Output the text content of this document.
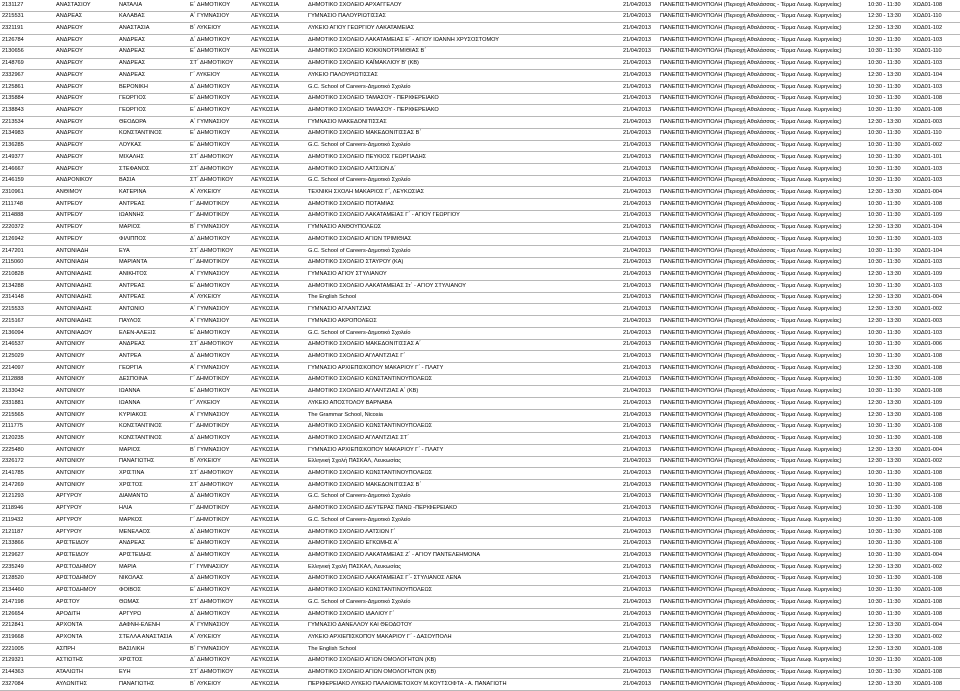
2131127	ΑΝΑΣΤΑΣΙΟΥ	ΝΑΤΑΛΙΑ	Ε΄ ΔΗΜΟΤΙΚΟΥ	ΛΕΥΚΩΣΙΑ	ΔΗΜΟΤΙΚΟ ΣΧΟΛΕΙΟ ΑΡΧΑΓΓΕΛΟΥ	21/04/2013	ΠΑΝΕΠΙΣΤΗΜΙΟΥΠΟΛΗ (Περιοχή Αθαλάσσας - Τέρμα Λεωφ. Κυρηνείας)	10:30 - 11:30	ΧΩΔ01-108
2215531	ΑΝΔΡΕΑΣ	ΚΑΛΑΒΑΣ	Α΄ ΓΥΜΝΑΣΙΟΥ	ΛΕΥΚΩΣΙΑ	ΓΥΜΝΑΣΙΟ ΠΑΛΟΥΡΙΩΤΙΣΣΑΣ	21/04/2013	ΠΑΝΕΠΙΣΤΗΜΙΟΥΠΟΛΗ (Περιοχή Αθαλάσσας - Τέρμα Λεωφ. Κυρηνείας)	12:30 - 13:30	ΧΩΔ01-110
2321191	ΑΝΔΡΕΟΥ	ΑΝΑΣΤΑΣΙΑ	Β΄ ΛΥΚΕΙΟΥ	ΛΕΥΚΩΣΙΑ	ΛΥΚΕΙΟ ΑΓΙΟΥ ΓΕΩΡΓΙΟΥ ΛΑΚΑΤΑΜΕΙΑΣ	21/04/2013	ΠΑΝΕΠΙΣΤΗΜΙΟΥΠΟΛΗ (Περιοχή Αθαλάσσας - Τέρμα Λεωφ. Κυρηνείας)	12:30 - 13:30	ΧΩΔ01-102
2126784	ΑΝΔΡΕΟΥ	ΑΝΔΡΕΑΣ	Δ΄ ΔΗΜΟΤΙΚΟΥ	ΛΕΥΚΩΣΙΑ	ΔΗΜΟΤΙΚΟ ΣΧΟΛΕΙΟ ΛΑΚΑΤΑΜΕΙΑΣ Ε΄ - ΑΓΙΟΥ ΙΩΑΝΝΗ ΧΡΥΣΟΣΤΟΜΟΥ	21/04/2013	ΠΑΝΕΠΙΣΤΗΜΙΟΥΠΟΛΗ (Περιοχή Αθαλάσσας - Τέρμα Λεωφ. Κυρηνείας)	10:30 - 11:30	ΧΩΔ01-103
2130656	ΑΝΔΡΕΟΥ	ΑΝΔΡΕΑΣ	Ε΄ ΔΗΜΟΤΙΚΟΥ	ΛΕΥΚΩΣΙΑ	ΔΗΜΟΤΙΚΟ ΣΧΟΛΕΙΟ ΚΟΚΚΙΝΟΤΡΙΜΙΘΙΑΣ Β΄	21/04/2013	ΠΑΝΕΠΙΣΤΗΜΙΟΥΠΟΛΗ (Περιοχή Αθαλάσσας - Τέρμα Λεωφ. Κυρηνείας)	10:30 - 11:30	ΧΩΔ01-110
2148769	ΑΝΔΡΕΟΥ	ΑΝΔΡΕΑΣ	ΣΤ΄ ΔΗΜΟΤΙΚΟΥ	ΛΕΥΚΩΣΙΑ	ΔΗΜΟΤΙΚΟ ΣΧΟΛΕΙΟ ΚΑΪΜΑΚΛΙΟΥ Β' (ΚΒ)	21/04/2013	ΠΑΝΕΠΙΣΤΗΜΙΟΥΠΟΛΗ (Περιοχή Αθαλάσσας - Τέρμα Λεωφ. Κυρηνείας)	10:30 - 11:30	ΧΩΔ01-103
2332967	ΑΝΔΡΕΟΥ	ΑΝΔΡΕΑΣ	Γ΄ ΛΥΚΕΙΟΥ	ΛΕΥΚΩΣΙΑ	ΛΥΚΕΙΟ ΠΑΛΟΥΡΙΩΤΙΣΣΑΣ	21/04/2013	ΠΑΝΕΠΙΣΤΗΜΙΟΥΠΟΛΗ (Περιοχή Αθαλάσσας - Τέρμα Λεωφ. Κυρηνείας)	12:30 - 13:30	ΧΩΔ01-104
2125861	ΑΝΔΡΕΟΥ	ΒΕΡΟΝΙΚΗ	Δ΄ ΔΗΜΟΤΙΚΟΥ	ΛΕΥΚΩΣΙΑ	G.C. School of Careers-Δημοτικό Σχολείο	21/04/2013	ΠΑΝΕΠΙΣΤΗΜΙΟΥΠΟΛΗ (Περιοχή Αθαλάσσας - Τέρμα Λεωφ. Κυρηνείας)	10:30 - 11:30	ΧΩΔ01-103
2135884	ΑΝΔΡΕΟΥ	ΓΕΩΡΓΙΟΣ	Ε΄ ΔΗΜΟΤΙΚΟΥ	ΛΕΥΚΩΣΙΑ	ΔΗΜΟΤΙΚΟ ΣΧΟΛΕΙΟ ΤΑΜΑΣΟΥ - ΠΕΡΙΦΕΡΕΙΑΚΟ	21/04/2013	ΠΑΝΕΠΙΣΤΗΜΙΟΥΠΟΛΗ (Περιοχή Αθαλάσσας - Τέρμα Λεωφ. Κυρηνείας)	10:30 - 11:30	ΧΩΔ01-108
2138843	ΑΝΔΡΕΟΥ	ΓΕΩΡΓΙΟΣ	Ε΄ ΔΗΜΟΤΙΚΟΥ	ΛΕΥΚΩΣΙΑ	ΔΗΜΟΤΙΚΟ ΣΧΟΛΕΙΟ ΤΑΜΑΣΟΥ - ΠΕΡΙΦΕΡΕΙΑΚΟ	21/04/2013	ΠΑΝΕΠΙΣΤΗΜΙΟΥΠΟΛΗ (Περιοχή Αθαλάσσας - Τέρμα Λεωφ. Κυρηνείας)	10:30 - 11:30	ΧΩΔ01-108
2213534	ΑΝΔΡΕΟΥ	ΘΕΟΔΩΡΑ	Α΄ ΓΥΜΝΑΣΙΟΥ	ΛΕΥΚΩΣΙΑ	ΓΥΜΝΑΣΙΟ ΜΑΚΕΔΟΝΙΤΙΣΣΑΣ	21/04/2013	ΠΑΝΕΠΙΣΤΗΜΙΟΥΠΟΛΗ (Περιοχή Αθαλάσσας - Τέρμα Λεωφ. Κυρηνείας)	12:30 - 13:30	ΧΩΔ01-003
2134983	ΑΝΔΡΕΟΥ	ΚΩΝΣΤΑΝΤΙΝΟΣ	Ε΄ ΔΗΜΟΤΙΚΟΥ	ΛΕΥΚΩΣΙΑ	ΔΗΜΟΤΙΚΟ ΣΧΟΛΕΙΟ ΜΑΚΕΔΟΝΙΤΙΣΣΑΣ Β΄	21/04/2013	ΠΑΝΕΠΙΣΤΗΜΙΟΥΠΟΛΗ (Περιοχή Αθαλάσσας - Τέρμα Λεωφ. Κυρηνείας)	10:30 - 11:30	ΧΩΔ01-110
2136285	ΑΝΔΡΕΟΥ	ΛΟΥΚΑΣ	Ε΄ ΔΗΜΟΤΙΚΟΥ	ΛΕΥΚΩΣΙΑ	G.C. School of Careers-Δημοτικό Σχολείο	21/04/2013	ΠΑΝΕΠΙΣΤΗΜΙΟΥΠΟΛΗ (Περιοχή Αθαλάσσας - Τέρμα Λεωφ. Κυρηνείας)	10:30 - 11:30	ΧΩΔ01-002
2149377	ΑΝΔΡΕΟΥ	ΜΙΧΑΛΗΣ	ΣΤ΄ ΔΗΜΟΤΙΚΟΥ	ΛΕΥΚΩΣΙΑ	ΔΗΜΟΤΙΚΟ ΣΧΟΛΕΙΟ ΠΕΥΚΙΟΣ ΓΕΩΡΓΙΑΔΗΣ	21/04/2013	ΠΑΝΕΠΙΣΤΗΜΙΟΥΠΟΛΗ (Περιοχή Αθαλάσσας - Τέρμα Λεωφ. Κυρηνείας)	10:30 - 11:30	ΧΩΔ01-101
2146667	ΑΝΔΡΕΟΥ	ΣΤΕΦΑΝΟΣ	ΣΤ΄ ΔΗΜΟΤΙΚΟΥ	ΛΕΥΚΩΣΙΑ	ΔΗΜΟΤΙΚΟ ΣΧΟΛΕΙΟ ΛΑΤΣΙΩΝ Δ΄	21/04/2013	ΠΑΝΕΠΙΣΤΗΜΙΟΥΠΟΛΗ (Περιοχή Αθαλάσσας - Τέρμα Λεωφ. Κυρηνείας)	10:30 - 11:30	ΧΩΔ01-103
2146159	ΑΝΔΡΟΝΙΚΟΥ	ΒΑΣΙΑ	ΣΤ΄ ΔΗΜΟΤΙΚΟΥ	ΛΕΥΚΩΣΙΑ	G.C. School of Careers-Δημοτικό Σχολείο	21/04/2013	ΠΑΝΕΠΙΣΤΗΜΙΟΥΠΟΛΗ (Περιοχή Αθαλάσσας - Τέρμα Λεωφ. Κυρηνείας)	10:30 - 11:30	ΧΩΔ01-103
2310961	ΑΝΘΙΜΟΥ	ΚΑΤΕΡΙΝΑ	Α΄ ΛΥΚΕΙΟΥ	ΛΕΥΚΩΣΙΑ	ΤΕΧΝΙΚΗ ΣΧΟΛΗ ΜΑΚΑΡΙΟΣ Γ΄, ΛΕΥΚΩΣΙΑΣ	21/04/2013	ΠΑΝΕΠΙΣΤΗΜΙΟΥΠΟΛΗ (Περιοχή Αθαλάσσας - Τέρμα Λεωφ. Κυρηνείας)	12:30 - 13:30	ΧΩΔ01-004
2111748	ΑΝΤΡΕΟΥ	ΑΝΤΡΕΑΣ	Γ΄ ΔΗΜΟΤΙΚΟΥ	ΛΕΥΚΩΣΙΑ	ΔΗΜΟΤΙΚΟ ΣΧΟΛΕΙΟ ΠΟΤΑΜΙΑΣ	21/04/2013	ΠΑΝΕΠΙΣΤΗΜΙΟΥΠΟΛΗ (Περιοχή Αθαλάσσας - Τέρμα Λεωφ. Κυρηνείας)	10:30 - 11:30	ΧΩΔ01-108
2114888	ΑΝΤΡΕΟΥ	ΙΩΑΝΝΗΣ	Γ΄ ΔΗΜΟΤΙΚΟΥ	ΛΕΥΚΩΣΙΑ	ΔΗΜΟΤΙΚΟ ΣΧΟΛΕΙΟ ΛΑΚΑΤΑΜΕΙΑΣ Γ΄ - ΑΓΙΟΥ ΓΕΩΡΓΙΟΥ	21/04/2013	ΠΑΝΕΠΙΣΤΗΜΙΟΥΠΟΛΗ (Περιοχή Αθαλάσσας - Τέρμα Λεωφ. Κυρηνείας)	10:30 - 11:30	ΧΩΔ01-109
2220372	ΑΝΤΡΕΟΥ	ΜΑΡΙΟΣ	Β΄ ΓΥΜΝΑΣΙΟΥ	ΛΕΥΚΩΣΙΑ	ΓΥΜΝΑΣΙΟ ΑΝΘΟΥΠΟΛΕΩΣ	21/04/2013	ΠΑΝΕΠΙΣΤΗΜΙΟΥΠΟΛΗ (Περιοχή Αθαλάσσας - Τέρμα Λεωφ. Κυρηνείας)	12:30 - 13:30	ΧΩΔ01-104
2126942	ΑΝΤΡΕΟΥ	ΦΙΛΙΠΠΟΣ	Δ΄ ΔΗΜΟΤΙΚΟΥ	ΛΕΥΚΩΣΙΑ	ΔΗΜΟΤΙΚΟ ΣΧΟΛΕΙΟ ΑΓΙΩΝ ΤΡΙΜΙΘΙΑΣ	21/04/2013	ΠΑΝΕΠΙΣΤΗΜΙΟΥΠΟΛΗ (Περιοχή Αθαλάσσας - Τέρμα Λεωφ. Κυρηνείας)	10:30 - 11:30	ΧΩΔ01-103
2147201	ΑΝΤΩΝΙΑΔΗ	ΕΥΑ	ΣΤ΄ ΔΗΜΟΤΙΚΟΥ	ΛΕΥΚΩΣΙΑ	G.C. School of Careers-Δημοτικό Σχολείο	21/04/2013	ΠΑΝΕΠΙΣΤΗΜΙΟΥΠΟΛΗ (Περιοχή Αθαλάσσας - Τέρμα Λεωφ. Κυρηνείας)	10:30 - 11:30	ΧΩΔ01-104
2115060	ΑΝΤΩΝΙΑΔΗ	ΜΑΡΙΑΝΤΑ	Γ΄ ΔΗΜΟΤΙΚΟΥ	ΛΕΥΚΩΣΙΑ	ΔΗΜΟΤΙΚΟ ΣΧΟΛΕΙΟ ΣΤΑΥΡΟΥ (ΚΑ)	21/04/2013	ΠΑΝΕΠΙΣΤΗΜΙΟΥΠΟΛΗ (Περιοχή Αθαλάσσας - Τέρμα Λεωφ. Κυρηνείας)	10:30 - 11:30	ΧΩΔ01-103
2210828	ΑΝΤΩΝΙΑΔΗΣ	ΑΝΙΚΗΤΟΣ	Α΄ ΓΥΜΝΑΣΙΟΥ	ΛΕΥΚΩΣΙΑ	ΓΥΜΝΑΣΙΟ ΑΓΙΟΥ ΣΤΥΛΙΑΝΟΥ	21/04/2013	ΠΑΝΕΠΙΣΤΗΜΙΟΥΠΟΛΗ (Περιοχή Αθαλάσσας - Τέρμα Λεωφ. Κυρηνείας)	12:30 - 13:30	ΧΩΔ01-109
2134288	ΑΝΤΩΝΙΑΔΗΣ	ΑΝΤΡΕΑΣ	Ε΄ ΔΗΜΟΤΙΚΟΥ	ΛΕΥΚΩΣΙΑ	ΔΗΜΟΤΙΚΟ ΣΧΟΛΕΙΟ ΛΑΚΑΤΑΜΕΙΑΣ Στ΄ - ΑΓΙΟΥ ΣΤΥΛΙΑΝΟΥ	21/04/2013	ΠΑΝΕΠΙΣΤΗΜΙΟΥΠΟΛΗ (Περιοχή Αθαλάσσας - Τέρμα Λεωφ. Κυρηνείας)	10:30 - 11:30	ΧΩΔ01-103
2314148	ΑΝΤΩΝΙΑΔΗΣ	ΑΝΤΡΕΑΣ	Α΄ ΛΥΚΕΙΟΥ	ΛΕΥΚΩΣΙΑ	The English School	21/04/2013	ΠΑΝΕΠΙΣΤΗΜΙΟΥΠΟΛΗ (Περιοχή Αθαλάσσας - Τέρμα Λεωφ. Κυρηνείας)	12:30 - 13:30	ΧΩΔ01-004
2215533	ΑΝΤΩΝΙΑΔΗΣ	ΑΝΤΩΝΙΟ	Α΄ ΓΥΜΝΑΣΙΟΥ	ΛΕΥΚΩΣΙΑ	ΓΥΜΝΑΣΙΟ ΑΓΛΑΝΤΖΙΑΣ	21/04/2013	ΠΑΝΕΠΙΣΤΗΜΙΟΥΠΟΛΗ (Περιοχή Αθαλάσσας - Τέρμα Λεωφ. Κυρηνείας)	12:30 - 13:30	ΧΩΔ01-002
2215167	ΑΝΤΩΝΙΑΔΗΣ	ΠΑΥΛΟΣ	Α΄ ΓΥΜΝΑΣΙΟΥ	ΛΕΥΚΩΣΙΑ	ΓΥΜΝΑΣΙΟ ΑΚΡΟΠΟΛΕΩΣ	21/04/2013	ΠΑΝΕΠΙΣΤΗΜΙΟΥΠΟΛΗ (Περιοχή Αθαλάσσας - Τέρμα Λεωφ. Κυρηνείας)	12:30 - 13:30	ΧΩΔ01-003
2136094	ΑΝΤΩΝΙΑΔΟΥ	ΕΛΕΝ-ΑΛΕΞΙΣ	Ε΄ ΔΗΜΟΤΙΚΟΥ	ΛΕΥΚΩΣΙΑ	G.C. School of Careers-Δημοτικό Σχολείο	21/04/2013	ΠΑΝΕΠΙΣΤΗΜΙΟΥΠΟΛΗ (Περιοχή Αθαλάσσας - Τέρμα Λεωφ. Κυρηνείας)	10:30 - 11:30	ΧΩΔ01-103
2146537	ΑΝΤΩΝΙΟΥ	ΑΝΔΡΕΑΣ	ΣΤ΄ ΔΗΜΟΤΙΚΟΥ	ΛΕΥΚΩΣΙΑ	ΔΗΜΟΤΙΚΟ ΣΧΟΛΕΙΟ ΜΑΚΕΔΟΝΙΤΙΣΣΑΣ Α΄	21/04/2013	ΠΑΝΕΠΙΣΤΗΜΙΟΥΠΟΛΗ (Περιοχή Αθαλάσσας - Τέρμα Λεωφ. Κυρηνείας)	10:30 - 11:30	ΧΩΔ01-006
2125029	ΑΝΤΩΝΙΟΥ	ΑΝΤΡΕΑ	Δ΄ ΔΗΜΟΤΙΚΟΥ	ΛΕΥΚΩΣΙΑ	ΔΗΜΟΤΙΚΟ ΣΧΟΛΕΙΟ ΑΓΛΑΝΤΖΙΑΣ Γ΄	21/04/2013	ΠΑΝΕΠΙΣΤΗΜΙΟΥΠΟΛΗ (Περιοχή Αθαλάσσας - Τέρμα Λεωφ. Κυρηνείας)	10:30 - 11:30	ΧΩΔ01-108
2214097	ΑΝΤΩΝΙΟΥ	ΓΕΩΡΓΙΑ	Α΄ ΓΥΜΝΑΣΙΟΥ	ΛΕΥΚΩΣΙΑ	ΓΥΜΝΑΣΙΟ ΑΡΧΙΕΠΙΣΚΟΠΟΥ ΜΑΚΑΡΙΟΥ Γ΄ - ΠΛΑΤΥ	21/04/2013	ΠΑΝΕΠΙΣΤΗΜΙΟΥΠΟΛΗ (Περιοχή Αθαλάσσας - Τέρμα Λεωφ. Κυρηνείας)	12:30 - 13:30	ΧΩΔ01-108
2112888	ΑΝΤΩΝΙΟΥ	ΔΕΣΠΟΙΝΑ	Γ΄ ΔΗΜΟΤΙΚΟΥ	ΛΕΥΚΩΣΙΑ	ΔΗΜΟΤΙΚΟ ΣΧΟΛΕΙΟ ΚΩΝΣΤΑΝΤΙΝΟΥΠΟΛΕΩΣ	21/04/2013	ΠΑΝΕΠΙΣΤΗΜΙΟΥΠΟΛΗ (Περιοχή Αθαλάσσας - Τέρμα Λεωφ. Κυρηνείας)	10:30 - 11:30	ΧΩΔ01-108
2133042	ΑΝΤΩΝΙΟΥ	ΙΩΑΝΝΑ	Ε΄ ΔΗΜΟΤΙΚΟΥ	ΛΕΥΚΩΣΙΑ	ΔΗΜΟΤΙΚΟ ΣΧΟΛΕΙΟ ΑΓΛΑΝΤΖΙΑΣ Α΄ (ΚΒ)	21/04/2013	ΠΑΝΕΠΙΣΤΗΜΙΟΥΠΟΛΗ (Περιοχή Αθαλάσσας - Τέρμα Λεωφ. Κυρηνείας)	10:30 - 11:30	ΧΩΔ01-108
2331881	ΑΝΤΩΝΙΟΥ	ΙΩΑΝΝΑ	Γ΄ ΛΥΚΕΙΟΥ	ΛΕΥΚΩΣΙΑ	ΛΥΚΕΙΟ ΑΠΟΣΤΟΛΟΥ ΒΑΡΝΑΒΑ	21/04/2013	ΠΑΝΕΠΙΣΤΗΜΙΟΥΠΟΛΗ (Περιοχή Αθαλάσσας - Τέρμα Λεωφ. Κυρηνείας)	12:30 - 13:30	ΧΩΔ01-109
2215565	ΑΝΤΩΝΙΟΥ	ΚΥΡΙΑΚΟΣ	Α΄ ΓΥΜΝΑΣΙΟΥ	ΛΕΥΚΩΣΙΑ	The Grammar School, Nicosia	21/04/2013	ΠΑΝΕΠΙΣΤΗΜΙΟΥΠΟΛΗ (Περιοχή Αθαλάσσας - Τέρμα Λεωφ. Κυρηνείας)	12:30 - 13:30	ΧΩΔ01-108
2111775	ΑΝΤΩΝΙΟΥ	ΚΩΝΣΤΑΝΤΙΝΟΣ	Γ΄ ΔΗΜΟΤΙΚΟΥ	ΛΕΥΚΩΣΙΑ	ΔΗΜΟΤΙΚΟ ΣΧΟΛΕΙΟ ΚΩΝΣΤΑΝΤΙΝΟΥΠΟΛΕΩΣ	21/04/2013	ΠΑΝΕΠΙΣΤΗΜΙΟΥΠΟΛΗ (Περιοχή Αθαλάσσας - Τέρμα Λεωφ. Κυρηνείας)	10:30 - 11:30	ΧΩΔ01-108
2120235	ΑΝΤΩΝΙΟΥ	ΚΩΝΣΤΑΝΤΙΝΟΣ	Δ΄ ΔΗΜΟΤΙΚΟΥ	ΛΕΥΚΩΣΙΑ	ΔΗΜΟΤΙΚΟ ΣΧΟΛΕΙΟ ΑΓΛΑΝΤΖΙΑΣ ΣΤ΄	21/04/2013	ΠΑΝΕΠΙΣΤΗΜΙΟΥΠΟΛΗ (Περιοχή Αθαλάσσας - Τέρμα Λεωφ. Κυρηνείας)	10:30 - 11:30	ΧΩΔ01-108
2225480	ΑΝΤΩΝΙΟΥ	ΜΑΡΙΟΣ	Β΄ ΓΥΜΝΑΣΙΟΥ	ΛΕΥΚΩΣΙΑ	ΓΥΜΝΑΣΙΟ ΑΡΧΙΕΠΙΣΚΟΠΟΥ ΜΑΚΑΡΙΟΥ Γ΄ - ΠΛΑΤΥ	21/04/2013	ΠΑΝΕΠΙΣΤΗΜΙΟΥΠΟΛΗ (Περιοχή Αθαλάσσας - Τέρμα Λεωφ. Κυρηνείας)	12:30 - 13:30	ΧΩΔ01-004
2326172	ΑΝΤΩΝΙΟΥ	ΠΑΝΑΓΙΩΤΗΣ	Β΄ ΛΥΚΕΙΟΥ	ΛΕΥΚΩΣΙΑ	Ελληνική Σχολή ΠΑΣΚΑΛ, Λευκωσίας	21/04/2013	ΠΑΝΕΠΙΣΤΗΜΙΟΥΠΟΛΗ (Περιοχή Αθαλάσσας - Τέρμα Λεωφ. Κυρηνείας)	12:30 - 13:30	ΧΩΔ01-002
2141785	ΑΝΤΩΝΙΟΥ	ΧΡΙΣΤΙΝΑ	ΣΤ΄ ΔΗΜΟΤΙΚΟΥ	ΛΕΥΚΩΣΙΑ	ΔΗΜΟΤΙΚΟ ΣΧΟΛΕΙΟ ΚΩΝΣΤΑΝΤΙΝΟΥΠΟΛΕΩΣ	21/04/2013	ΠΑΝΕΠΙΣΤΗΜΙΟΥΠΟΛΗ (Περιοχή Αθαλάσσας - Τέρμα Λεωφ. Κυρηνείας)	10:30 - 11:30	ΧΩΔ01-108
2147269	ΑΝΤΩΝΙΟΥ	ΧΡΙΣΤΟΣ	ΣΤ΄ ΔΗΜΟΤΙΚΟΥ	ΛΕΥΚΩΣΙΑ	ΔΗΜΟΤΙΚΟ ΣΧΟΛΕΙΟ ΜΑΚΕΔΟΝΙΤΙΣΣΑΣ Β΄	21/04/2013	ΠΑΝΕΠΙΣΤΗΜΙΟΥΠΟΛΗ (Περιοχή Αθαλάσσας - Τέρμα Λεωφ. Κυρηνείας)	10:30 - 11:30	ΧΩΔ01-108
2121293	ΑΡΓΥΡΟΥ	ΔΙΑΜΑΝΤΩ	Δ΄ ΔΗΜΟΤΙΚΟΥ	ΛΕΥΚΩΣΙΑ	G.C. School of Careers-Δημοτικό Σχολείο	21/04/2013	ΠΑΝΕΠΙΣΤΗΜΙΟΥΠΟΛΗ (Περιοχή Αθαλάσσας - Τέρμα Λεωφ. Κυρηνείας)	10:30 - 11:30	ΧΩΔ01-108
2118946	ΑΡΓΥΡΟΥ	ΗΛΙΑ	Γ΄ ΔΗΜΟΤΙΚΟΥ	ΛΕΥΚΩΣΙΑ	ΔΗΜΟΤΙΚΟ ΣΧΟΛΕΙΟ ΔΕΥΤΕΡΑΣ ΠΑΝΩ -ΠΕΡΙΦΕΡΕΙΑΚΟ	21/04/2013	ΠΑΝΕΠΙΣΤΗΜΙΟΥΠΟΛΗ (Περιοχή Αθαλάσσας - Τέρμα Λεωφ. Κυρηνείας)	10:30 - 11:30	ΧΩΔ01-108
2119432	ΑΡΓΥΡΟΥ	ΜΑΡΚΟΣ	Γ΄ ΔΗΜΟΤΙΚΟΥ	ΛΕΥΚΩΣΙΑ	G.C. School of Careers-Δημοτικό Σχολείο	21/04/2013	ΠΑΝΕΠΙΣΤΗΜΙΟΥΠΟΛΗ (Περιοχή Αθαλάσσας - Τέρμα Λεωφ. Κυρηνείας)	10:30 - 11:30	ΧΩΔ01-108
2121187	ΑΡΓΥΡΟΥ	ΜΕΝΕΛΑΟΣ	Δ΄ ΔΗΜΟΤΙΚΟΥ	ΛΕΥΚΩΣΙΑ	ΔΗΜΟΤΙΚΟ ΣΧΟΛΕΙΟ ΛΑΤΣΙΩΝ Γ΄	21/04/2013	ΠΑΝΕΠΙΣΤΗΜΙΟΥΠΟΛΗ (Περιοχή Αθαλάσσας - Τέρμα Λεωφ. Κυρηνείας)	10:30 - 11:30	ΧΩΔ01-108
2133866	ΑΡΙΣΤΕΙΔΟΥ	ΑΝΔΡΕΑΣ	Ε΄ ΔΗΜΟΤΙΚΟΥ	ΛΕΥΚΩΣΙΑ	ΔΗΜΟΤΙΚΟ ΣΧΟΛΕΙΟ ΕΓΚΩΜΗΣ Α΄	21/04/2013	ΠΑΝΕΠΙΣΤΗΜΙΟΥΠΟΛΗ (Περιοχή Αθαλάσσας - Τέρμα Λεωφ. Κυρηνείας)	10:30 - 11:30	ΧΩΔ01-108
2129627	ΑΡΙΣΤΕΙΔΟΥ	ΑΡΙΣΤΕΙΔΗΣ	Δ΄ ΔΗΜΟΤΙΚΟΥ	ΛΕΥΚΩΣΙΑ	ΔΗΜΟΤΙΚΟ ΣΧΟΛΕΙΟ ΛΑΚΑΤΑΜΕΙΑΣ Ζ΄ - ΑΓΙΟΥ ΠΑΝΤΕΛΕΗΜΟΝΑ	21/04/2013	ΠΑΝΕΠΙΣΤΗΜΙΟΥΠΟΛΗ (Περιοχή Αθαλάσσας - Τέρμα Λεωφ. Κυρηνείας)	10:30 - 11:30	ΧΩΔ01-004
2235249	ΑΡΙΣΤΟΔΗΜΟΥ	ΜΑΡΙΑ	Γ΄ ΓΥΜΝΑΣΙΟΥ	ΛΕΥΚΩΣΙΑ	Ελληνική Σχολή ΠΑΣΚΑΛ, Λευκωσίας	21/04/2013	ΠΑΝΕΠΙΣΤΗΜΙΟΥΠΟΛΗ (Περιοχή Αθαλάσσας - Τέρμα Λεωφ. Κυρηνείας)	12:30 - 13:30	ΧΩΔ01-002
2128520	ΑΡΙΣΤΟΔΗΜΟΥ	ΝΙΚΟΛΑΣ	Δ΄ ΔΗΜΟΤΙΚΟΥ	ΛΕΥΚΩΣΙΑ	ΔΗΜΟΤΙΚΟ ΣΧΟΛΕΙΟ ΛΑΚΑΤΑΜΕΙΑΣ Γ΄- ΣΤΥΛΙΑΝΟΣ ΛΕΝΑ	21/04/2013	ΠΑΝΕΠΙΣΤΗΜΙΟΥΠΟΛΗ (Περιοχή Αθαλάσσας - Τέρμα Λεωφ. Κυρηνείας)	10:30 - 11:30	ΧΩΔ01-108
2134460	ΑΡΙΣΤΟΔΗΜΟΥ	ΦΟΙΒΟΣ	Ε΄ ΔΗΜΟΤΙΚΟΥ	ΛΕΥΚΩΣΙΑ	ΔΗΜΟΤΙΚΟ ΣΧΟΛΕΙΟ ΚΩΝΣΤΑΝΤΙΝΟΥΠΟΛΕΩΣ	21/04/2013	ΠΑΝΕΠΙΣΤΗΜΙΟΥΠΟΛΗ (Περιοχή Αθαλάσσας - Τέρμα Λεωφ. Κυρηνείας)	10:30 - 11:30	ΧΩΔ01-108
2147198	ΑΡΙΣΤΟΥ	ΘΩΜΑΣ	ΣΤ΄ ΔΗΜΟΤΙΚΟΥ	ΛΕΥΚΩΣΙΑ	G.C. School of Careers-Δημοτικό Σχολείο	21/04/2013	ΠΑΝΕΠΙΣΤΗΜΙΟΥΠΟΛΗ (Περιοχή Αθαλάσσας - Τέρμα Λεωφ. Κυρηνείας)	10:30 - 11:30	ΧΩΔ01-108
2126654	ΑΡΟΔΙΤΗ	ΑΡΓΥΡΩ	Δ΄ ΔΗΜΟΤΙΚΟΥ	ΛΕΥΚΩΣΙΑ	ΔΗΜΟΤΙΚΟ ΣΧΟΛΕΙΟ ΙΔΑΛΙΟΥ Γ΄	21/04/2013	ΠΑΝΕΠΙΣΤΗΜΙΟΥΠΟΛΗ (Περιοχή Αθαλάσσας - Τέρμα Λεωφ. Κυρηνείας)	10:30 - 11:30	ΧΩΔ01-108
2212841	ΑΡΧΟΝΤΑ	ΔΑΦΝΗ-ΕΛΕΝΗ	Α΄ ΓΥΜΝΑΣΙΟΥ	ΛΕΥΚΩΣΙΑ	ΓΥΜΝΑΣΙΟ ΔΑΝΕΛΛΟΥ ΚΑΙ ΘΕΟΔΟΤΟΥ	21/04/2013	ΠΑΝΕΠΙΣΤΗΜΙΟΥΠΟΛΗ (Περιοχή Αθαλάσσας - Τέρμα Λεωφ. Κυρηνείας)	12:30 - 13:30	ΧΩΔ01-004
2319668	ΑΡΧΟΝΤΑ	ΣΤΕΛΛΑ ΑΝΑΣΤΑΣΙΑ	Α΄ ΛΥΚΕΙΟΥ	ΛΕΥΚΩΣΙΑ	ΛΥΚΕΙΟ ΑΡΧΙΕΠΙΣΚΟΠΟΥ ΜΑΚΑΡΙΟΥ Γ΄ - ΔΑΣΟΥΠΟΛΗ	21/04/2013	ΠΑΝΕΠΙΣΤΗΜΙΟΥΠΟΛΗ (Περιοχή Αθαλάσσας - Τέρμα Λεωφ. Κυρηνείας)	12:30 - 13:30	ΧΩΔ01-002
2221005	ΑΣΠΡΗ	ΒΑΣΙΛΙΚΗ	Β΄ ΓΥΜΝΑΣΙΟΥ	ΛΕΥΚΩΣΙΑ	The English School	21/04/2013	ΠΑΝΕΠΙΣΤΗΜΙΟΥΠΟΛΗ (Περιοχή Αθαλάσσας - Τέρμα Λεωφ. Κυρηνείας)	12:30 - 13:30	ΧΩΔ01-108
2129321	ΑΣΤΙΩΤΗΣ	ΧΡΙΣΤΟΣ	Δ΄ ΔΗΜΟΤΙΚΟΥ	ΛΕΥΚΩΣΙΑ	ΔΗΜΟΤΙΚΟ ΣΧΟΛΕΙΟ ΑΓΙΩΝ ΟΜΟΛΟΓΗΤΩΝ (ΚΒ)	21/04/2013	ΠΑΝΕΠΙΣΤΗΜΙΟΥΠΟΛΗ (Περιοχή Αθαλάσσας - Τέρμα Λεωφ. Κυρηνείας)	10:30 - 11:30	ΧΩΔ01-108
2144363	ΑΤΑΛΙΩΤΗ	ΕΥΗ	ΣΤ΄ ΔΗΜΟΤΙΚΟΥ	ΛΕΥΚΩΣΙΑ	ΔΗΜΟΤΙΚΟ ΣΧΟΛΕΙΟ ΑΓΙΩΝ ΟΜΟΛΟΓΗΤΩΝ (ΚΒ)	21/04/2013	ΠΑΝΕΠΙΣΤΗΜΙΟΥΠΟΛΗ (Περιοχή Αθαλάσσας - Τέρμα Λεωφ. Κυρηνείας)	10:30 - 11:30	ΧΩΔ01-108
2327084	ΑΥΛΩΝΙΤΗΣ	ΠΑΝΑΓΙΩΤΗΣ	Β΄ ΛΥΚΕΙΟΥ	ΛΕΥΚΩΣΙΑ	ΠΕΡΙΦΕΡΕΙΑΚΟ ΛΥΚΕΙΟ ΠΑΛΑΙΟΜΕΤΟΧΟΥ Μ.ΚΟΥΤΣΟΦΤΑ - Α. ΠΑΝΑΓΙΩΤΗ	21/04/2013	ΠΑΝΕΠΙΣΤΗΜΙΟΥΠΟΛΗ (Περιοχή Αθαλάσσας - Τέρμα Λεωφ. Κυρηνείας)	12:30 - 13:30	ΧΩΔ01-108
